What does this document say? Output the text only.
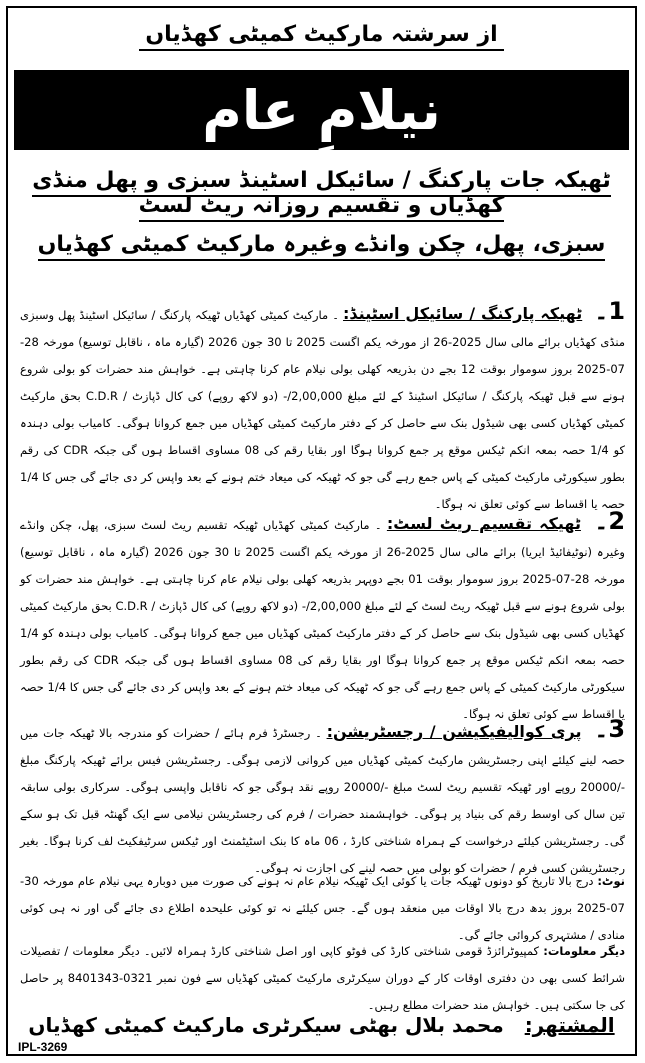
از سرشتہ مارکیٹ کمیٹی کھڈیاں
نیلامِ عام
ٹھیکہ جات پارکنگ / سائیکل اسٹینڈ سبزی و پھل منڈی کھڈیاں و تقسیم روزانہ ریٹ لسٹ
سبزی، پھل، چکن وانڈے وغیرہ مارکیٹ کمیٹی کھڈیاں
1۔ ٹھیکہ پارکنگ / سائیکل اسٹینڈ: ۔ مارکیٹ کمیٹی کھڈیاں ٹھیکہ پارکنگ / سائیکل اسٹینڈ پھل وسبزی منڈی کھڈیاں برائے مالی سال 2025-26 از مورخہ یکم اگست 2025 تا 30 جون 2026 (گیارہ ماہ ، ناقابل توسیع) مورخہ 28-07-2025 بروز سوموار بوقت 12 بجے دن بذریعہ کھلی بولی نیلام عام کرنا چاہتی ہے۔ خواہش مند حضرات کو بولی شروع ہونے سے قبل ٹھیکہ پارکنگ / سائیکل اسٹینڈ کے لئے مبلغ 2,00,000/- (دو لاکھ روپے) کی کال ڈپازٹ / C.D.R بحق مارکیٹ کمیٹی کھڈیاں کسی بھی شیڈول بنک سے حاصل کر کے دفتر مارکیٹ کمیٹی کھڈیاں میں جمع کروانا ہوگی۔ کامیاب بولی دہندہ کو 1/4 حصہ بمعہ انکم ٹیکس موقع پر جمع کروانا ہوگا اور بقایا رقم کی 08 مساوی اقساط ہوں گی جبکہ CDR کی رقم بطور سیکورٹی مارکیٹ کمیٹی کے پاس جمع رہے گی جو کہ ٹھیکہ کی میعاد ختم ہونے کے بعد واپس کر دی جائے گی جس کا 1/4 حصہ یا اقساط سے کوئی تعلق نہ ہوگا۔
2۔ ٹھیکہ تقسیم ریٹ لسٹ: ۔ مارکیٹ کمیٹی کھڈیاں ٹھیکہ تقسیم ریٹ لسٹ سبزی، پھل، چکن وانڈے وغیرہ (نوٹیفائیڈ ایریا) برائے مالی سال 2025-26 از مورخہ یکم اگست 2025 تا 30 جون 2026 (گیارہ ماہ ، ناقابل توسیع) مورخہ 28-07-2025 بروز سوموار بوقت 01 بجے دوپہر بذریعہ کھلی بولی نیلام عام کرنا چاہتی ہے۔ خواہش مند حضرات کو بولی شروع ہونے سے قبل ٹھیکہ ریٹ لسٹ کے لئے مبلغ 2,00,000/- (دو لاکھ روپے) کی کال ڈپازٹ / C.D.R بحق مارکیٹ کمیٹی کھڈیاں کسی بھی شیڈول بنک سے حاصل کر کے دفتر مارکیٹ کمیٹی کھڈیاں میں جمع کروانا ہوگی۔ کامیاب بولی دہندہ کو 1/4 حصہ بمعہ انکم ٹیکس موقع پر جمع کروانا ہوگا اور بقایا رقم کی 08 مساوی اقساط ہوں گی جبکہ CDR کی رقم بطور سیکورٹی مارکیٹ کمیٹی کے پاس جمع رہے گی جو کہ ٹھیکہ کی میعاد ختم ہونے کے بعد واپس کر دی جائے گی جس کا 1/4 حصہ یا اقساط سے کوئی تعلق نہ ہوگا۔
3۔ پری کوالیفیکیشن / رجسٹریشن: ۔ رجسٹرڈ فرم ہائے / حضرات کو مندرجہ بالا ٹھیکہ جات میں حصہ لینے کیلئے اپنی رجسٹریشن مارکیٹ کمیٹی کھڈیاں میں کروانی لازمی ہوگی۔ رجسٹریشن فیس برائے ٹھیکہ پارکنگ مبلغ -/20000 روپے اور ٹھیکہ تقسیم ریٹ لسٹ مبلغ -/20000 روپے نقد ہوگی جو کہ ناقابل واپسی ہوگی۔ سرکاری بولی سابقہ تین سال کی اوسط رقم کی بنیاد پر ہوگی۔ خواہشمند حضرات / فرم کی رجسٹریشن نیلامی سے ایک گھنٹہ قبل تک ہو سکے گی۔ رجسٹریشن کیلئے درخواست کے ہمراہ شناختی کارڈ ، 06 ماہ کا بنک اسٹیٹمنٹ اور ٹیکس سرٹیفکیٹ لف کرنا ہوگا۔ بغیر رجسٹریشن کسی فرم / حضرات کو بولی میں حصہ لینے کی اجازت نہ ہوگی۔
نوٹ: درج بالا تاریخ کو دونوں ٹھیکہ جات یا کوئی ایک ٹھیکہ نیلام عام نہ ہونے کی صورت میں دوبارہ یہی نیلام عام مورخہ 30-07-2025 بروز بدھ درج بالا اوقات میں منعقد ہوں گے۔ جس کیلئے نہ تو کوئی علیحدہ اطلاع دی جائے گی اور نہ ہی کوئی منادی / مشتہری کروائی جائے گی۔
دیگر معلومات: کمپیوٹرائزڈ قومی شناختی کارڈ کی فوٹو کاپی اور اصل شناختی کارڈ ہمراہ لائیں۔ دیگر معلومات / تفصیلات شرائط کسی بھی دن دفتری اوقات کار کے دوران سیکرٹری مارکیٹ کمیٹی کھڈیاں سے فون نمبر 0321-8401343 پر حاصل کی جا سکتی ہیں۔ خواہش مند حضرات مطلع رہیں۔
المشتھر: محمد بلال بھٹی سیکرٹری مارکیٹ کمیٹی کھڈیاں
IPL-3269
